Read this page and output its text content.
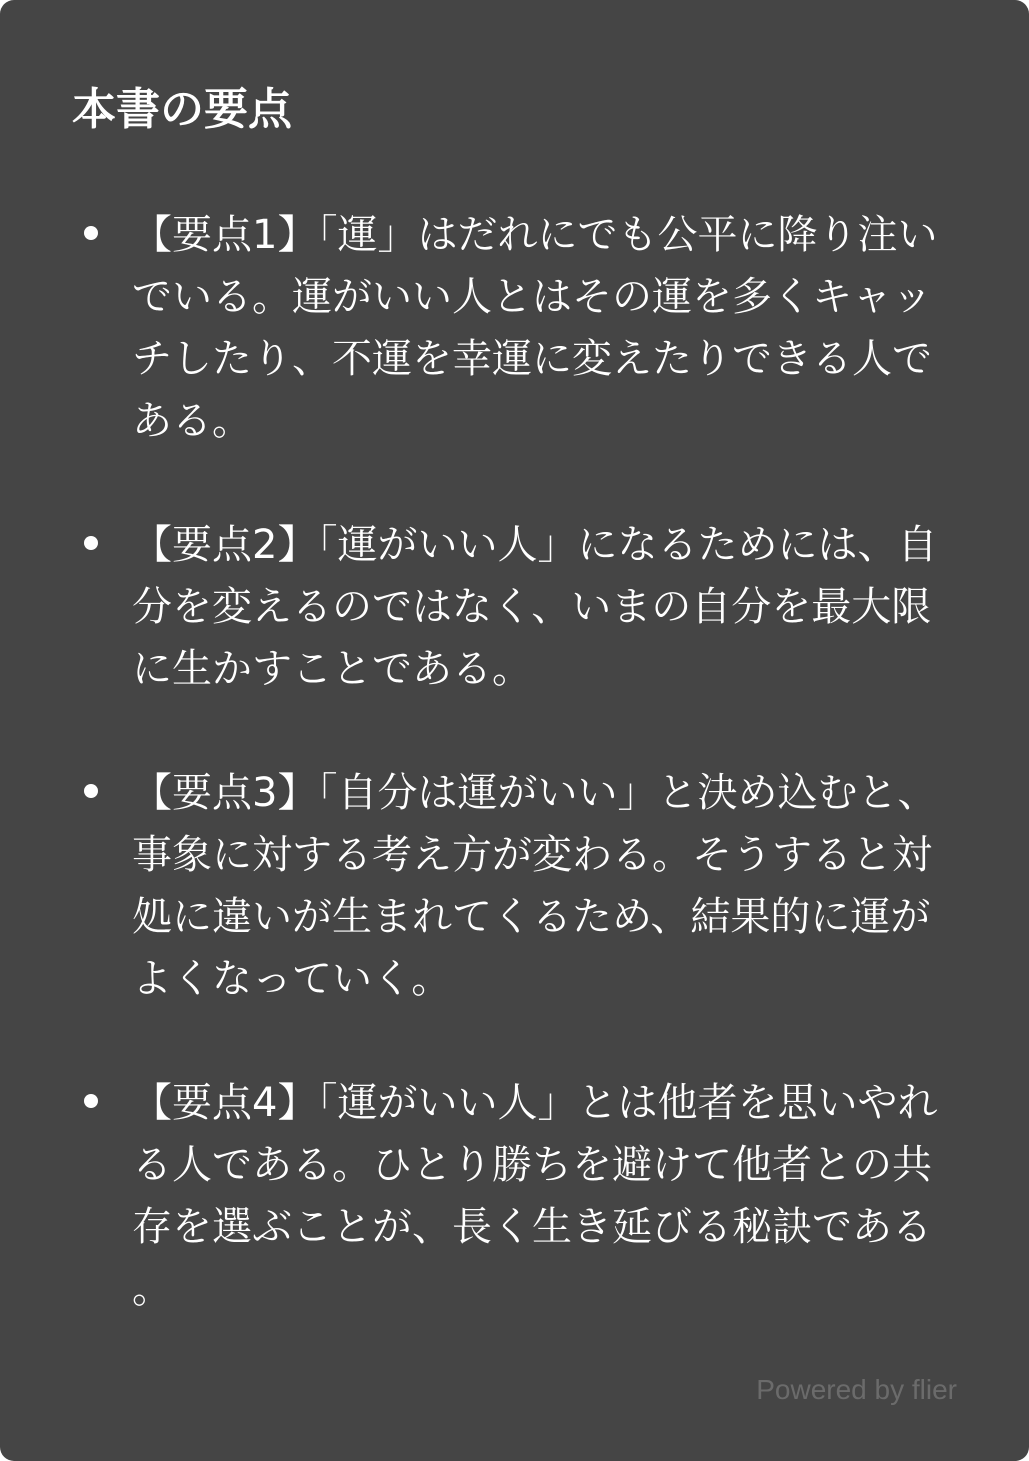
本書の要点
【要点1】「運」はだれにでも公平に降り注いでいる。運がいい人とはその運を多くキャッチしたり、不運を幸運に変えたりできる人である。
【要点2】「運がいい人」になるためには、自分を変えるのではなく、いまの自分を最大限に生かすことである。
【要点3】「自分は運がいい」と決め込むと、事象に対する考え方が変わる。そうすると対処に違いが生まれてくるため、結果的に運がよくなっていく。
【要点4】「運がいい人」とは他者を思いやれる人である。ひとり勝ちを避けて他者との共存を選ぶことが、長く生き延びる秘訣である。
Powered by flier
